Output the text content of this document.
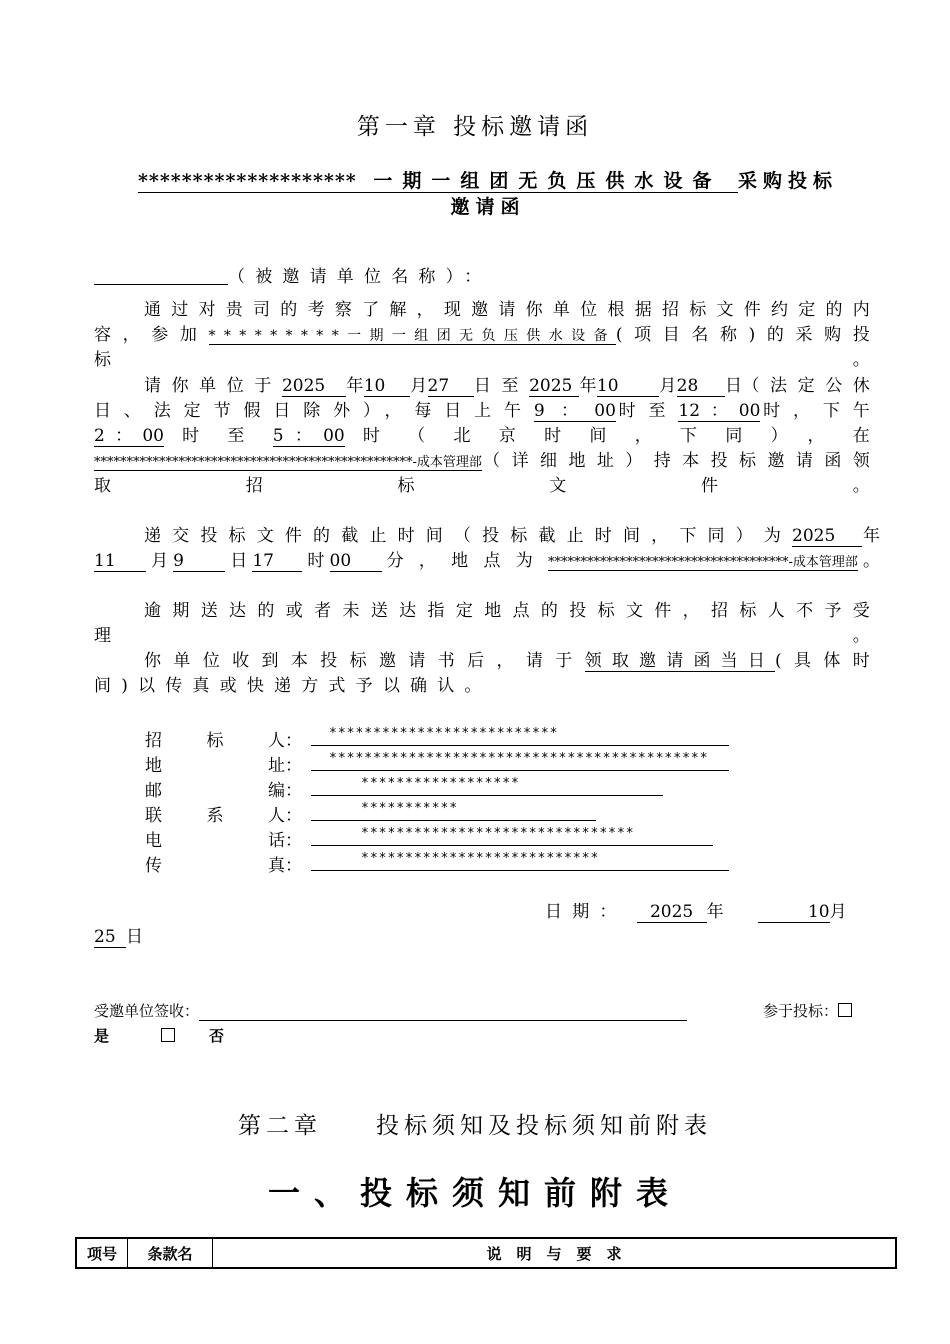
第一章 投标邀请函
******************** 一期一组团无负压供水设备 采购投标
邀请函
（被邀请单位名称）：
通过对贵司的考察了解，现邀请你单位根据招标文件约定的内容，参加*********一期一组团无负压供水设备(项目名称)的采购投标。
请你单位于2025 年10 月27 日至2025 年10 月28 日（法定公休日、法定节假日除外），每日上午9：00时至12：00时，下午2：00时至5：00时（北京时间，下同），在*************************************************-成本管理部（详细地址）持本投标邀请函领取招标文件。
递交投标文件的截止时间（投标截止时间，下同）为2025 年11 月9 日17 时00 分，地点为*************************************-成本管理部。
逾期送达的或者未送达指定地点的投标文件，招标人不予受理。
你单位收到本投标邀请书后，请于领取邀请函当日(具体时间)以传真或快递方式予以确认。
招标人：	**************************
地址：	*******************************************
邮编：	******************
联系人：	***********
电话：	*******************************
传真：	***************************
日期： 2025 年	10月
25 日
受邀单位签收：	参于投标：
是	否
第二章 投标须知及投标须知前附表
一、投标须知前附表
项号	条款名	说　明　与　要　求
